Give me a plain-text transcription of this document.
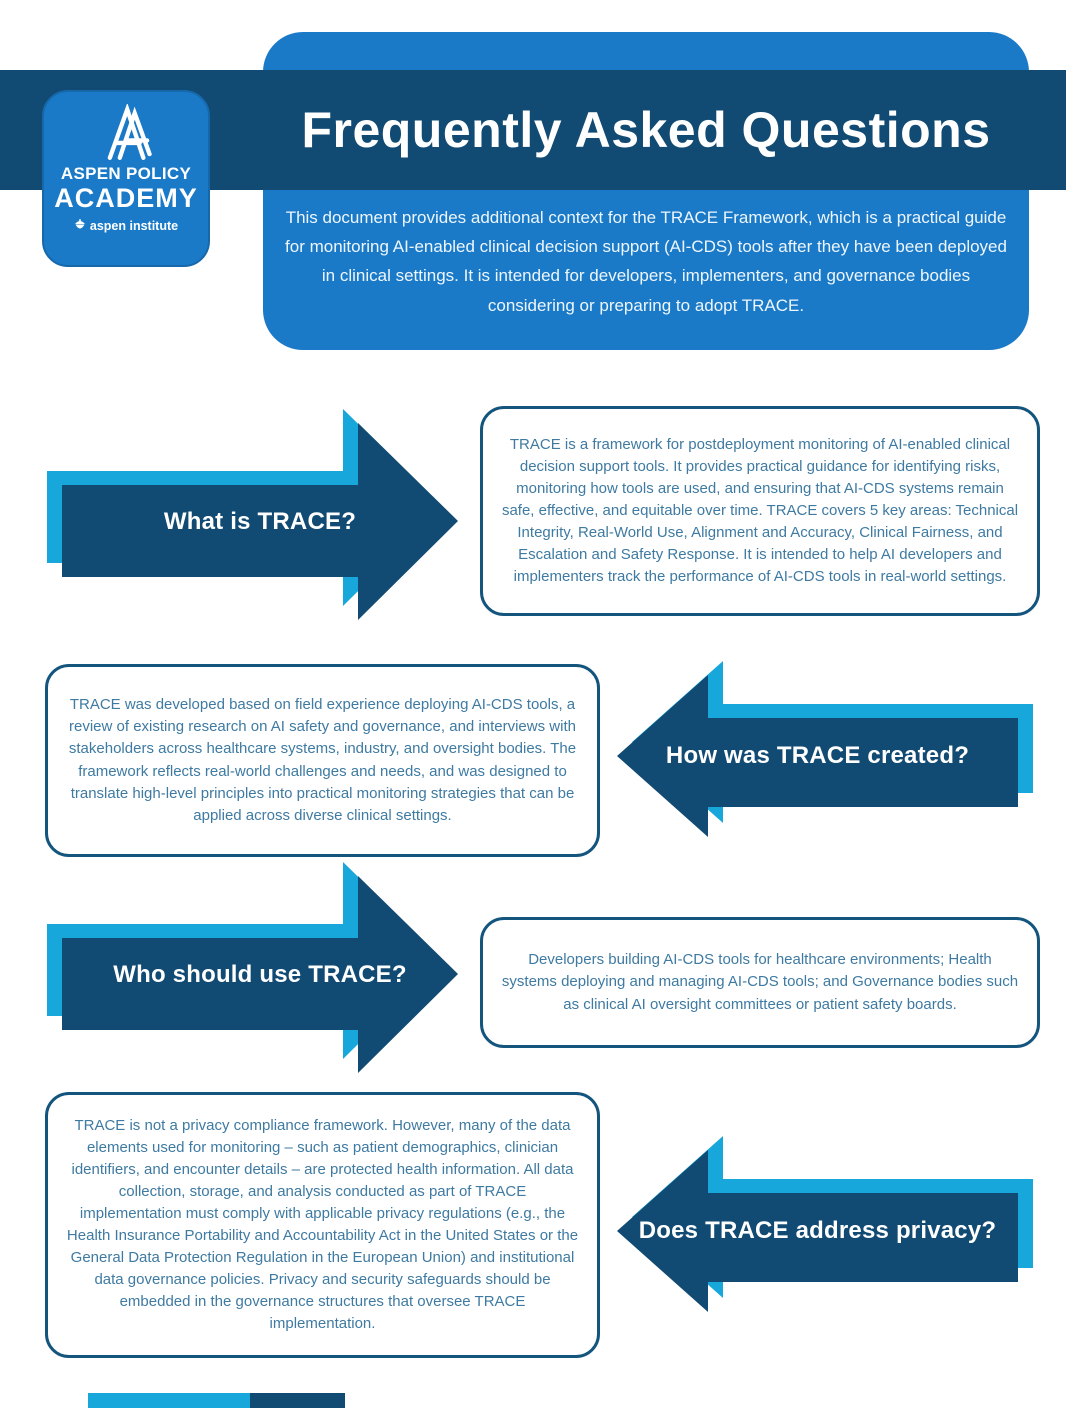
Frequently Asked Questions
This document provides additional context for the TRACE Framework, which is a practical guide for monitoring AI-enabled clinical decision support (AI-CDS) tools after they have been deployed in clinical settings. It is intended for developers, implementers, and governance bodies considering or preparing to adopt TRACE.
ASPEN POLICY
ACADEMY
aspen institute
What is TRACE?

TRACE is a framework for postdeployment monitoring of AI-enabled clinical decision support tools. It provides practical guidance for identifying risks, monitoring how tools are used, and ensuring that AI-CDS systems remain safe, effective, and equitable over time. TRACE covers 5 key areas: Technical Integrity, Real-World Use, Alignment and Accuracy, Clinical Fairness, and Escalation and Safety Response. It is intended to help AI developers and implementers track the performance of AI-CDS tools in real-world settings.

TRACE was developed based on field experience deploying AI-CDS tools, a review of existing research on AI safety and governance, and interviews with stakeholders across healthcare systems, industry, and oversight bodies. The framework reflects real-world challenges and needs, and was designed to translate high-level principles into practical monitoring strategies that can be applied across diverse clinical settings.

How was TRACE created?
Who should use TRACE?

Developers building AI-CDS tools for healthcare environments; Health systems deploying and managing AI-CDS tools; and Governance bodies such as clinical AI oversight committees or patient safety boards.

TRACE is not a privacy compliance framework. However, many of the data elements used for monitoring – such as patient demographics, clinician identifiers, and encounter details – are protected health information. All data collection, storage, and analysis conducted as part of TRACE implementation must comply with applicable privacy regulations (e.g., the Health Insurance Portability and Accountability Act in the United States or the General Data Protection Regulation in the European Union) and institutional data governance policies. Privacy and security safeguards should be embedded in the governance structures that oversee TRACE implementation.

Does TRACE address privacy?
